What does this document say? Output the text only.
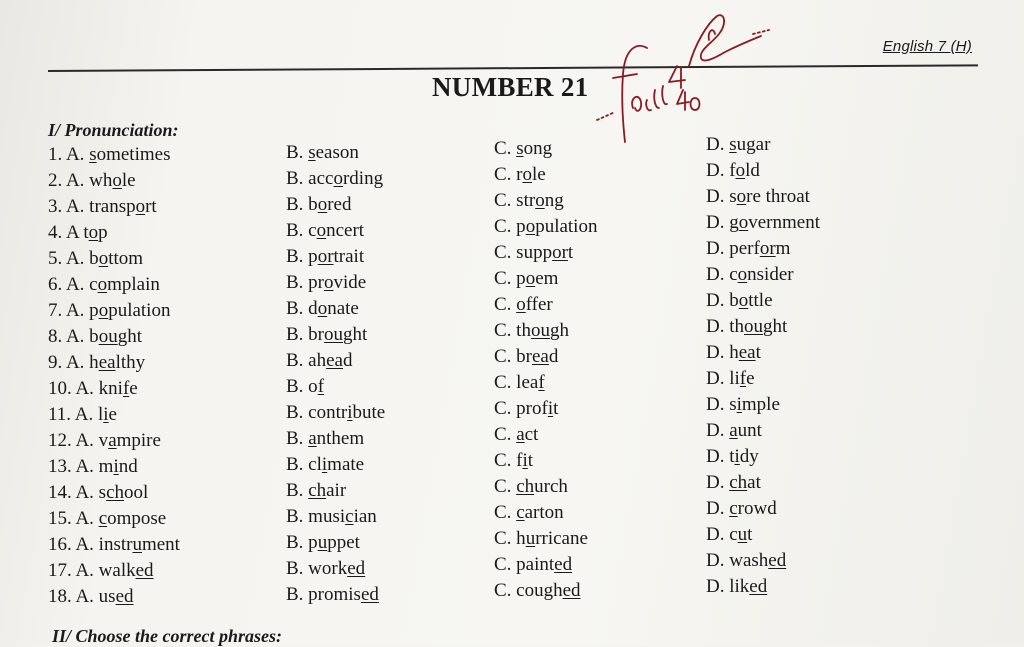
English 7 (H)
NUMBER 21
I/ Pronunciation:
1. A. sometimes
2. A. whole
3. A. transport
4. A top
5. A. bottom
6. A. complain
7. A. population
8. A. bought
9. A. healthy
10. A. knife
11. A. lie
12. A. vampire
13. A. mind
14. A. school
15. A. compose
16. A. instrument
17. A. walked
18. A. used
B. season
B. according
B. bored
B. concert
B. portrait
B. provide
B. donate
B. brought
B. ahead
B. of
B. contribute
B. anthem
B. climate
B. chair
B. musician
B. puppet
B. worked
B. promised
C. song
C. role
C. strong
C. population
C. support
C. poem
C. offer
C. though
C. bread
C. leaf
C. profit
C. act
C. fit
C. church
C. carton
C. hurricane
C. painted
C. coughed
D. sugar
D. fold
D. sore throat
D. government
D. perform
D. consider
D. bottle
D. thought
D. heat
D. life
D. simple
D. aunt
D. tidy
D. chat
D. crowd
D. cut
D. washed
D. liked
II/ Choose the correct phrases:
